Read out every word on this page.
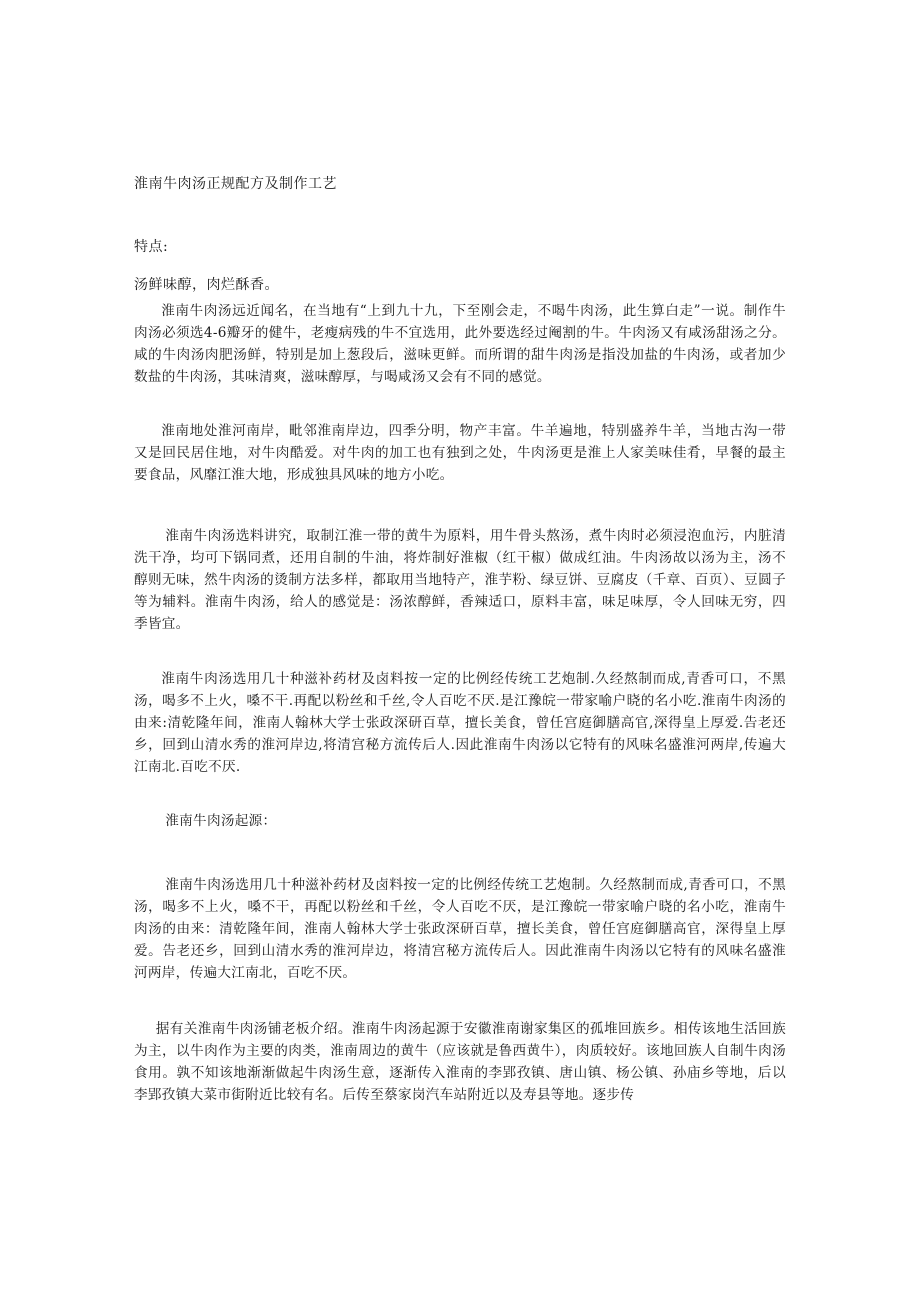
淮南牛肉汤正规配方及制作工艺
特点:
汤鲜味醇，肉烂酥香。

淮南牛肉汤远近闻名，在当地有“上到九十九，下至刚会走，不喝牛肉汤，此生算白走”一说。制作牛肉汤必须选4-6瓣牙的健牛，老瘦病残的牛不宜选用，此外要选经过阉割的牛。牛肉汤又有咸汤甜汤之分。咸的牛肉汤肉肥汤鲜，特别是加上葱段后，滋味更鲜。而所谓的甜牛肉汤是指没加盐的牛肉汤，或者加少数盐的牛肉汤，其味清爽，滋味醇厚，与喝咸汤又会有不同的感觉。

淮南地处淮河南岸，毗邻淮南岸边，四季分明，物产丰富。牛羊遍地，特别盛养牛羊，当地古沟一带又是回民居住地，对牛肉酷爱。对牛肉的加工也有独到之处，牛肉汤更是淮上人家美味佳肴，早餐的最主要食品，风靡江淮大地，形成独具风味的地方小吃。

淮南牛肉汤选料讲究，取制江淮一带的黄牛为原料，用牛骨头熬汤，煮牛肉时必须浸泡血污，内脏清洗干净，均可下锅同煮，还用自制的牛油，将炸制好淮椒（红干椒）做成红油。牛肉汤故以汤为主，汤不醇则无味，然牛肉汤的烫制方法多样，都取用当地特产，淮芋粉、绿豆饼、豆腐皮（千章、百页）、豆圆子等为辅料。淮南牛肉汤，给人的感觉是：汤浓醇鲜，香辣适口，原料丰富，味足味厚，令人回味无穷，四季皆宜。

淮南牛肉汤选用几十种滋补药材及卤料按一定的比例经传统工艺炮制.久经熬制而成,青香可口，不黑汤，喝多不上火，嗓不干.再配以粉丝和千丝,令人百吃不厌.是江豫皖一带家喻户晓的名小吃.淮南牛肉汤的由来:清乾隆年间，淮南人翰林大学士张政深研百草，擅长美食，曾任宫庭御膳高官,深得皇上厚爱.告老还乡，回到山清水秀的淮河岸边,将清宫秘方流传后人.因此淮南牛肉汤以它特有的风味名盛淮河两岸,传遍大江南北.百吃不厌.

淮南牛肉汤起源：

淮南牛肉汤选用几十种滋补药材及卤料按一定的比例经传统工艺炮制。久经熬制而成,青香可口，不黑汤，喝多不上火，嗓不干，再配以粉丝和千丝，令人百吃不厌，是江豫皖一带家喻户晓的名小吃，淮南牛肉汤的由来：清乾隆年间，淮南人翰林大学士张政深研百草，擅长美食，曾任宫庭御膳高官，深得皇上厚爱。告老还乡，回到山清水秀的淮河岸边，将清宫秘方流传后人。因此淮南牛肉汤以它特有的风味名盛淮河两岸，传遍大江南北，百吃不厌。

据有关淮南牛肉汤铺老板介绍。淮南牛肉汤起源于安徽淮南谢家集区的孤堆回族乡。相传该地生活回族为主，以牛肉作为主要的肉类，淮南周边的黄牛（应该就是鲁西黄牛），肉质较好。该地回族人自制牛肉汤食用。孰不知该地渐渐做起牛肉汤生意，逐渐传入淮南的李郢孜镇、唐山镇、杨公镇、孙庙乡等地，后以李郢孜镇大菜市街附近比较有名。后传至蔡家岗汽车站附近以及寿县等地。逐步传
